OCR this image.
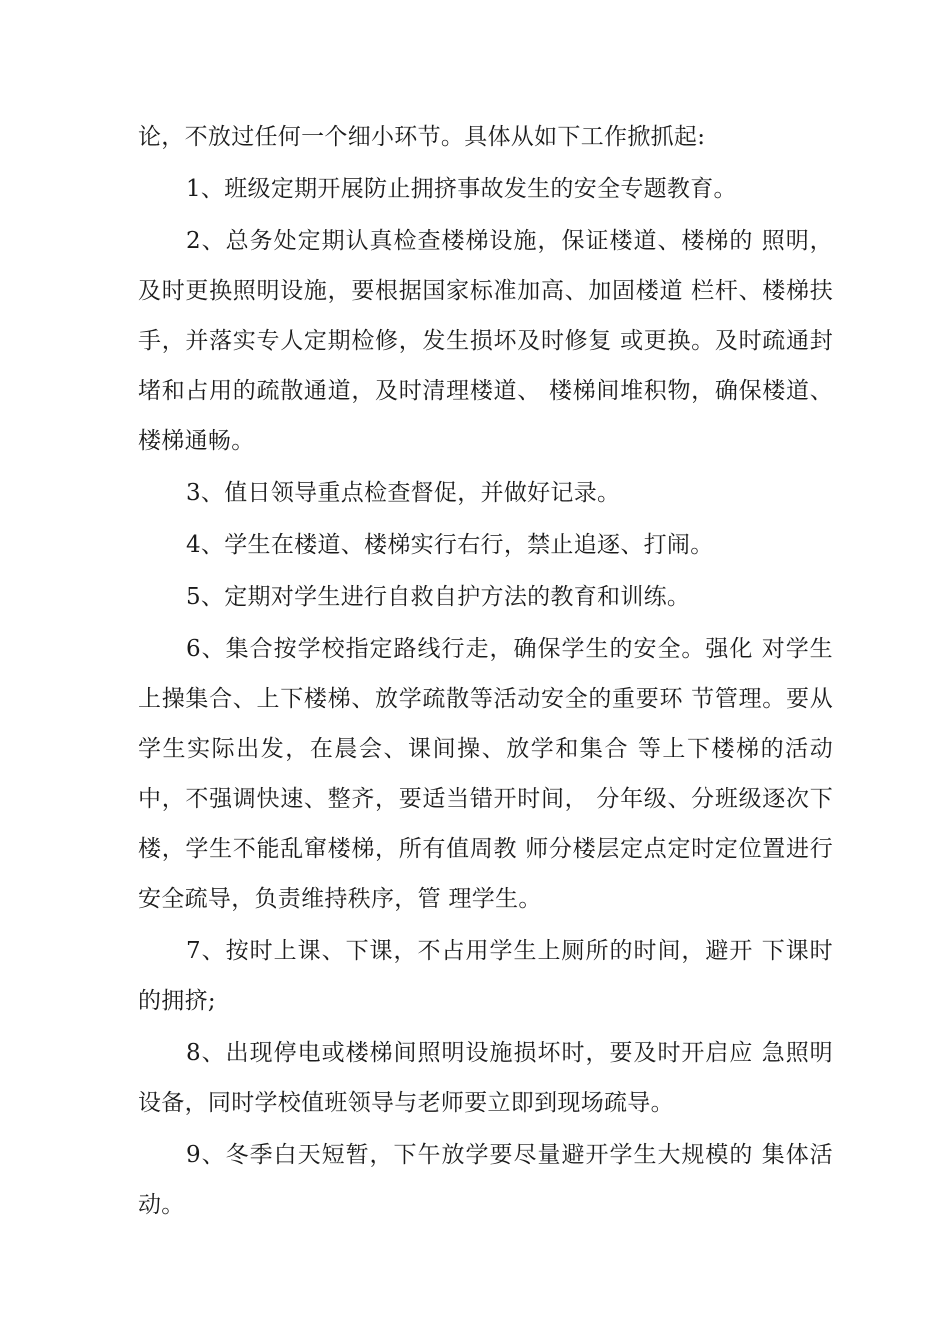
论，不放过任何一个细小环节。具体从如下工作掀抓起:

1、班级定期开展防止拥挤事故发生的安全专题教育。

2、总务处定期认真检查楼梯设施，保证楼道、楼梯的 照明，及时更换照明设施，要根据国家标准加高、加固楼道 栏杆、楼梯扶手，并落实专人定期检修，发生损坏及时修复 或更换。及时疏通封堵和占用的疏散通道，及时清理楼道、 楼梯间堆积物，确保楼道、楼梯通畅。

3、值日领导重点检查督促，并做好记录。

4、学生在楼道、楼梯实行右行，禁止追逐、打闹。

5、定期对学生进行自救自护方法的教育和训练。

6、集合按学校指定路线行走，确保学生的安全。强化 对学生上操集合、上下楼梯、放学疏散等活动安全的重要环 节管理。要从学生实际出发，在晨会、课间操、放学和集合 等上下楼梯的活动中，不强调快速、整齐，要适当错开时间， 分年级、分班级逐次下楼，学生不能乱窜楼梯，所有值周教 师分楼层定点定时定位置进行安全疏导，负责维持秩序，管 理学生。

7、按时上课、下课，不占用学生上厕所的时间，避开 下课时的拥挤;

8、出现停电或楼梯间照明设施损坏时，要及时开启应 急照明设备，同时学校值班领导与老师要立即到现场疏导。

9、冬季白天短暂，下午放学要尽量避开学生大规模的 集体活动。
